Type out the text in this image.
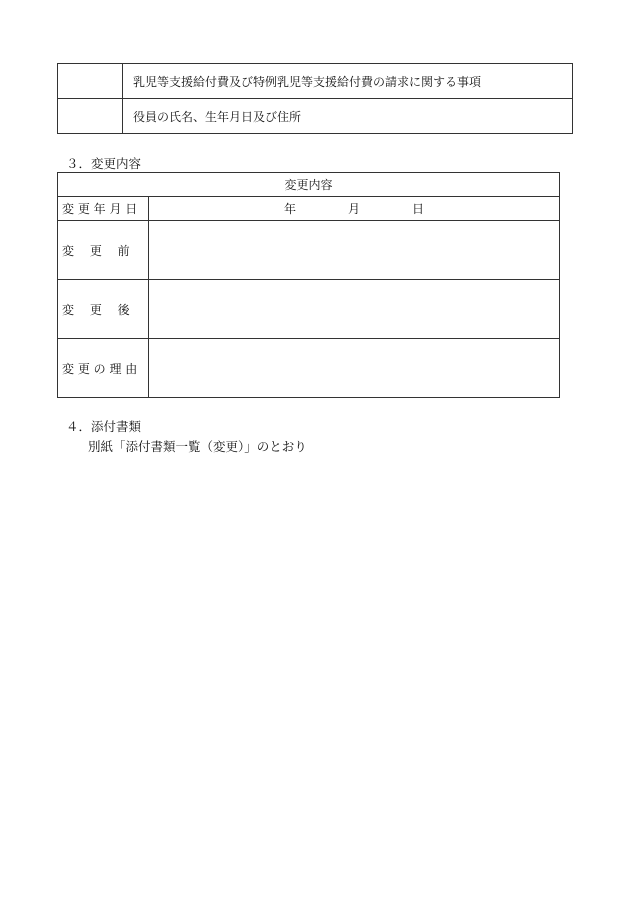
	乳児等支援給付費及び特例乳児等支援給付費の請求に関する事項
	役員の氏名、生年月日及び住所
３．変更内容
変更内容	
変 更 年 月 日	年 月 日

変　 更　 前	
変　 更　 後	
変 更 の 理 由	
４．添付書類
別紙「添付書類一覧（変更）」のとおり
